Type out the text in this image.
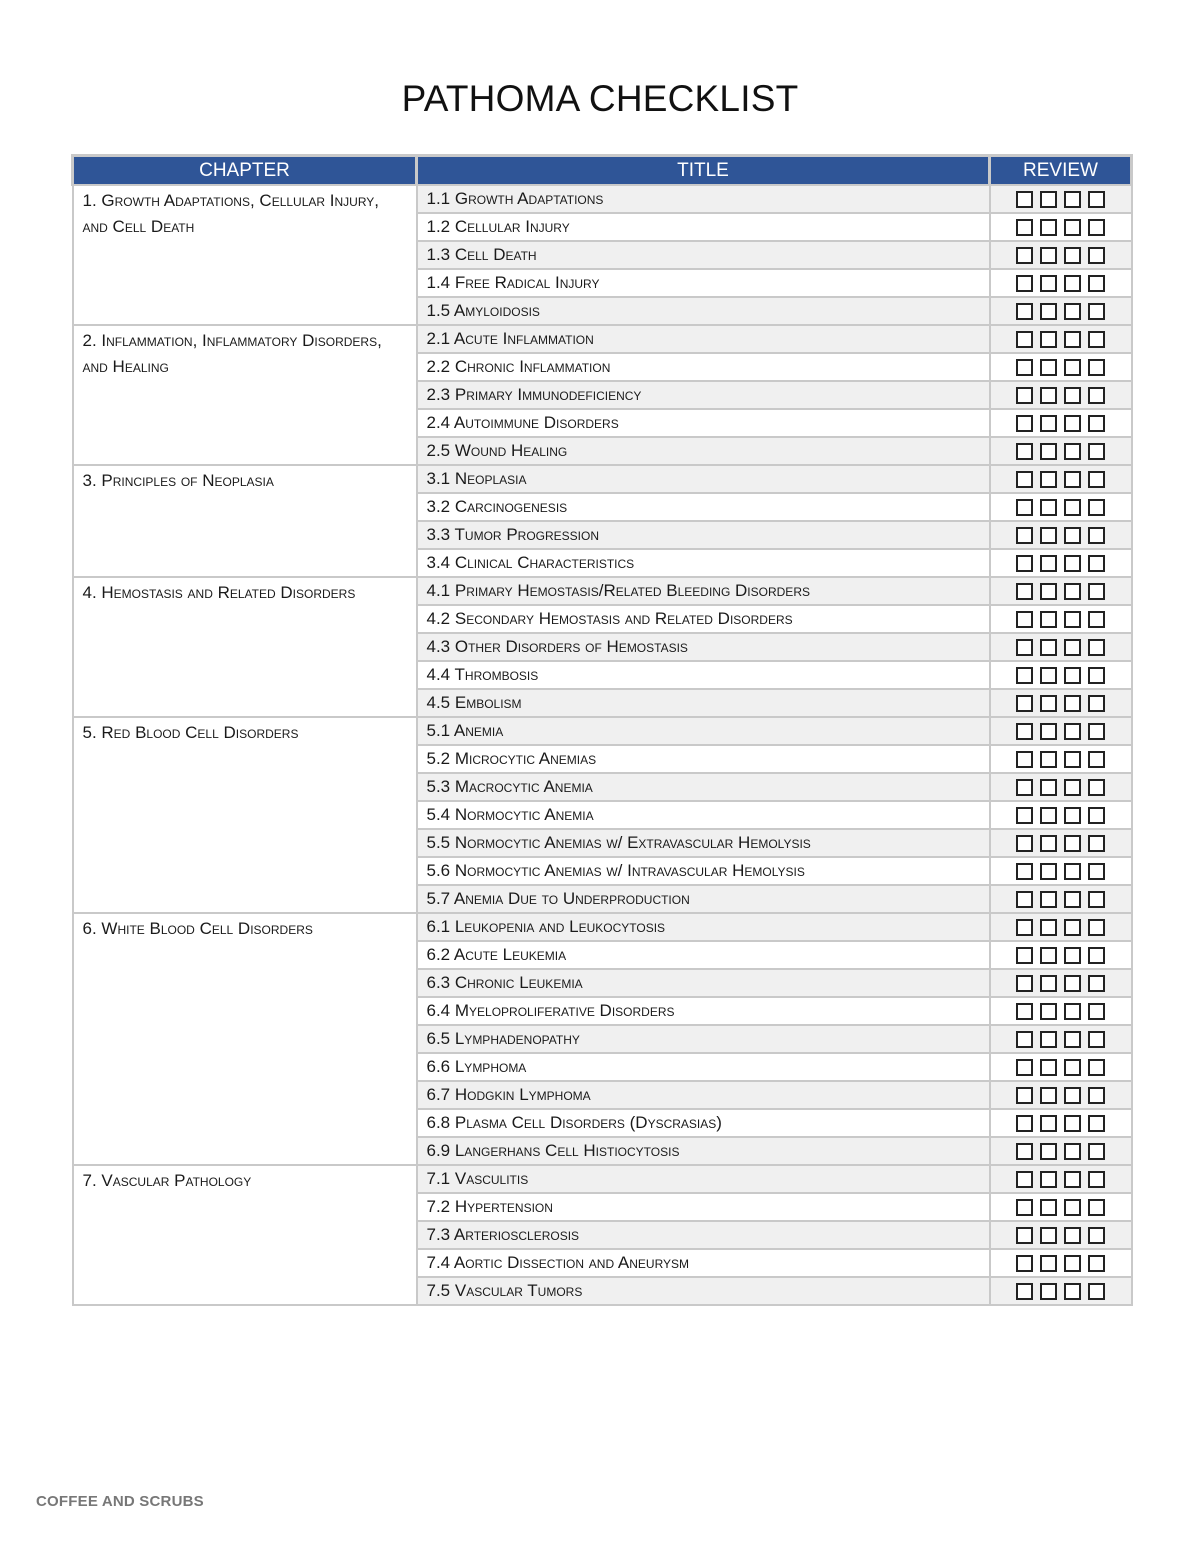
PATHOMA CHECKLIST
CHAPTER	TITLE	REVIEW
1. Growth Adaptations, Cellular Injury, and Cell Death	1.1 Growth Adaptations	

	1.2 Cellular Injury	

	1.3 Cell Death	

	1.4 Free Radical Injury	

	1.5 Amyloidosis	

2. Inflammation, Inflammatory Disorders, and Healing	2.1 Acute Inflammation	

	2.2 Chronic Inflammation	

	2.3 Primary Immunodeficiency	

	2.4 Autoimmune Disorders	

	2.5 Wound Healing	

3. Principles of Neoplasia	3.1 Neoplasia	

	3.2 Carcinogenesis	

	3.3 Tumor Progression	

	3.4 Clinical Characteristics	

4. Hemostasis and Related Disorders	4.1 Primary Hemostasis/Related Bleeding Disorders	

	4.2 Secondary Hemostasis and Related Disorders	

	4.3 Other Disorders of Hemostasis	

	4.4 Thrombosis	

	4.5 Embolism	

5. Red Blood Cell Disorders	5.1 Anemia	

	5.2 Microcytic Anemias	

	5.3 Macrocytic Anemia	

	5.4 Normocytic Anemia	

	5.5 Normocytic Anemias w/ Extravascular Hemolysis	

	5.6 Normocytic Anemias w/ Intravascular Hemolysis	

	5.7 Anemia Due to Underproduction	

6. White Blood Cell Disorders	6.1 Leukopenia and Leukocytosis	

	6.2 Acute Leukemia	

	6.3 Chronic Leukemia	

	6.4 Myeloproliferative Disorders	

	6.5 Lymphadenopathy	

	6.6 Lymphoma	

	6.7 Hodgkin Lymphoma	

	6.8 Plasma Cell Disorders (Dyscrasias)	

	6.9 Langerhans Cell Histiocytosis	

7. Vascular Pathology	7.1 Vasculitis	

	7.2 Hypertension	

	7.3 Arteriosclerosis	

	7.4 Aortic Dissection and Aneurysm	

	7.5 Vascular Tumors	
COFFEE AND SCRUBS
